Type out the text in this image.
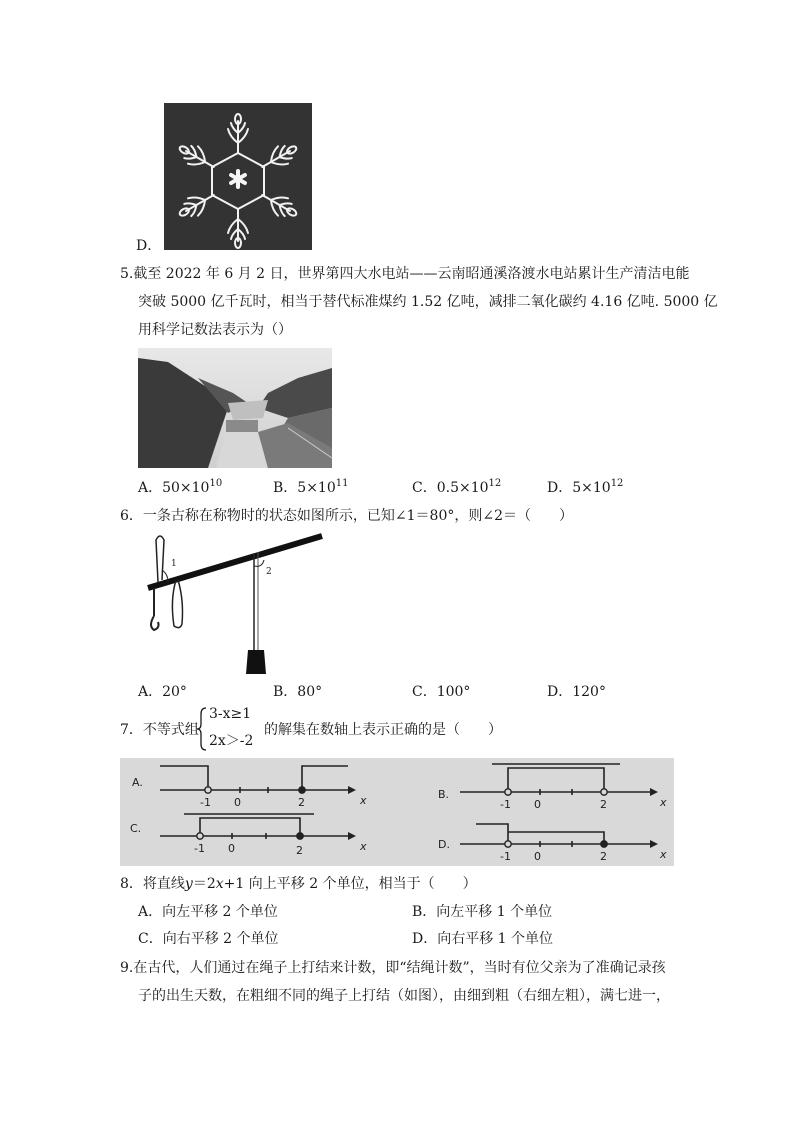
D．
5.截至 2022 年 6 月 2 日，世界第四大水电站——云南昭通溪洛渡水电站累计生产清洁电能
突破 5000 亿千瓦时，相当于替代标准煤约 1.52 亿吨，减排二氧化碳约 4.16 亿吨. 5000 亿
用科学记数法表示为（）
A．$50\times 10^{10}$	B．$5\times 10^{11}$	C．$0.5\times 10^{12}$	D．$5\times 10^{12}$
6．一条古称在称物时的状态如图所示，已知∠1＝80°，则∠2＝（　　）
1
2
A．20°	B．80°	C．100°	D．120°
7．不等式组
3-x≥1
2x＞-2
的解集在数轴上表示正确的是（　　）
A.
-1 0	2	x	B.
-1 0	2	x
C.
-1 0	2	x	D.
-1 0	2	x
8．将直线y＝2x+1 向上平移 2 个单位，相当于（　　）
A．向左平移 2 个单位	B．向左平移 1 个单位
C．向右平移 2 个单位	D．向右平移 1 个单位
9.在古代，人们通过在绳子上打结来计数，即“结绳计数”，当时有位父亲为了准确记录孩
子的出生天数，在粗细不同的绳子上打结（如图），由细到粗（右细左粗），满七进一，
